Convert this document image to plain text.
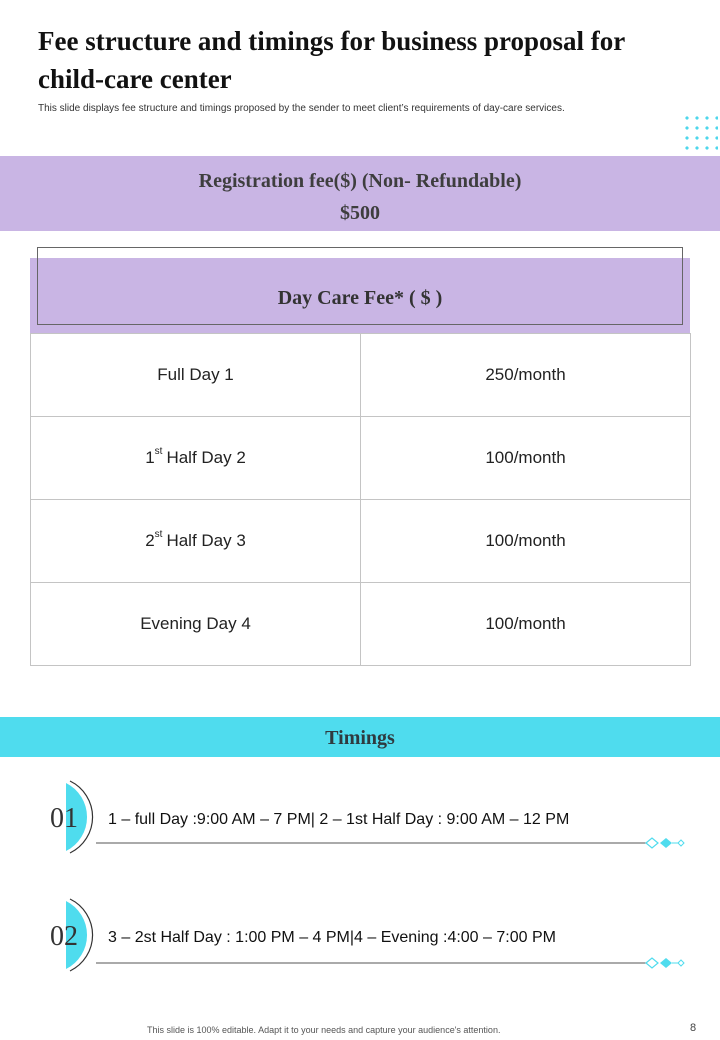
Fee structure and timings for business proposal for child-care center

This slide displays fee structure and timings proposed by the sender to meet client’s requirements of day-care services.

Registration fee($) (Non- Refundable)
$500
Day Care Fee* ( $ )
Full Day 1	250/month
1st Half Day 2	100/month
2st Half Day 3	100/month
Evening Day 4	100/month
Timings
01 1 – full Day :9:00 AM – 7 PM| 2 – 1st Half Day : 9:00 AM – 12 PM
02 3 – 2st Half Day : 1:00 PM – 4 PM|4 – Evening :4:00 – 7:00 PM
This slide is 100% editable. Adapt it to your needs and capture your audience's attention.	8
